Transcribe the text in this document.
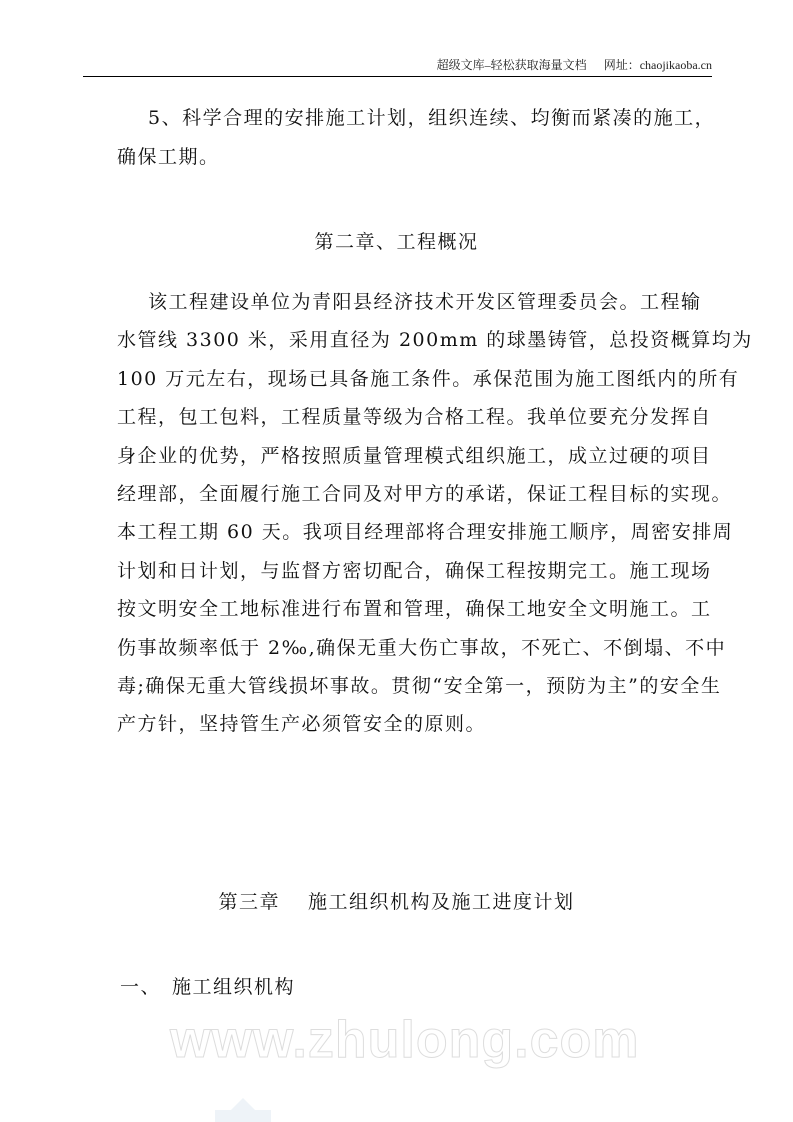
超级文库–轻松获取海量文档 网址：chaojikaoba.cn
5、科学合理的安排施工计划，组织连续、均衡而紧凑的施工，
确保工期。
第二章、工程概况
该工程建设单位为青阳县经济技术开发区管理委员会。工程输
水管线 3300 米，采用直径为 200mm 的球墨铸管，总投资概算均为
100 万元左右，现场已具备施工条件。承保范围为施工图纸内的所有
工程，包工包料，工程质量等级为合格工程。我单位要充分发挥自
身企业的优势，严格按照质量管理模式组织施工，成立过硬的项目
经理部，全面履行施工合同及对甲方的承诺，保证工程目标的实现。
本工程工期 60 天。我项目经理部将合理安排施工顺序，周密安排周
计划和日计划，与监督方密切配合，确保工程按期完工。施工现场
按文明安全工地标准进行布置和管理，确保工地安全文明施工。工
伤事故频率低于 2‰,确保无重大伤亡事故，不死亡、不倒塌、不中
毒;确保无重大管线损坏事故。贯彻“安全第一，预防为主”的安全生
产方针，坚持管生产必须管安全的原则。
第三章　 施工组织机构及施工进度计划
一、　施工组织机构
www.zhulong.com
